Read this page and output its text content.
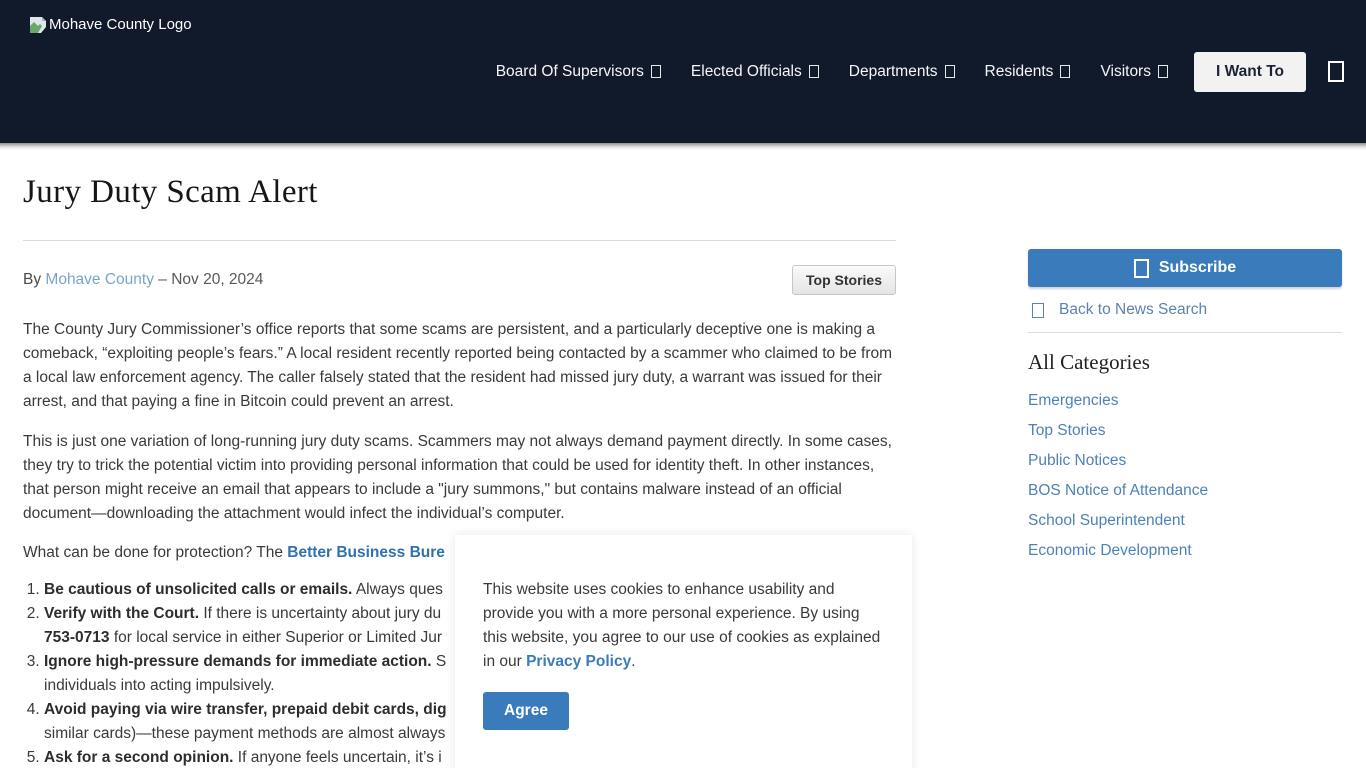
Mohave County Logo
Board Of Supervisors	Elected Officials	Departments	Residents	Visitors	I Want To
Jury Duty Scam Alert
By Mohave County – Nov 20, 2024	Top Stories

The County Jury Commissioner’s office reports that some scams are persistent, and a particularly deceptive one is making a comeback, “exploiting people’s fears.” A local resident recently reported being contacted by a scammer who claimed to be from a local law enforcement agency. The caller falsely stated that the resident had missed jury duty, a warrant was issued for their arrest, and that paying a fine in Bitcoin could prevent an arrest.

This is just one variation of long-running jury duty scams. Scammers may not always demand payment directly. In some cases, they try to trick the potential victim into providing personal information that could be used for identity theft. In other instances, that person might receive an email that appears to include a "jury summons," but contains malware instead of an official document—downloading the attachment would infect the individual’s computer.

What can be done for protection? The Better Business Bure

1. Be cautious of unsolicited calls or emails. Always ques
2. Verify with the Court. If there is uncertainty about jury du
753-0713 for local service in either Superior or Limited Jur
3. Ignore high-pressure demands for immediate action. S
individuals into acting impulsively.
4. Avoid paying via wire transfer, prepaid debit cards, dig
similar cards)—these payment methods are almost always
5. Ask for a second opinion. If anyone feels uncertain, it’s i
Subscribe
Back to News Search
All Categories
Emergencies
Top Stories
Public Notices
BOS Notice of Attendance
School Superintendent
Economic Development

This website uses cookies to enhance usability and provide you with a more personal experience. By using this website, you agree to our use of cookies as explained in our Privacy Policy.

Agree
